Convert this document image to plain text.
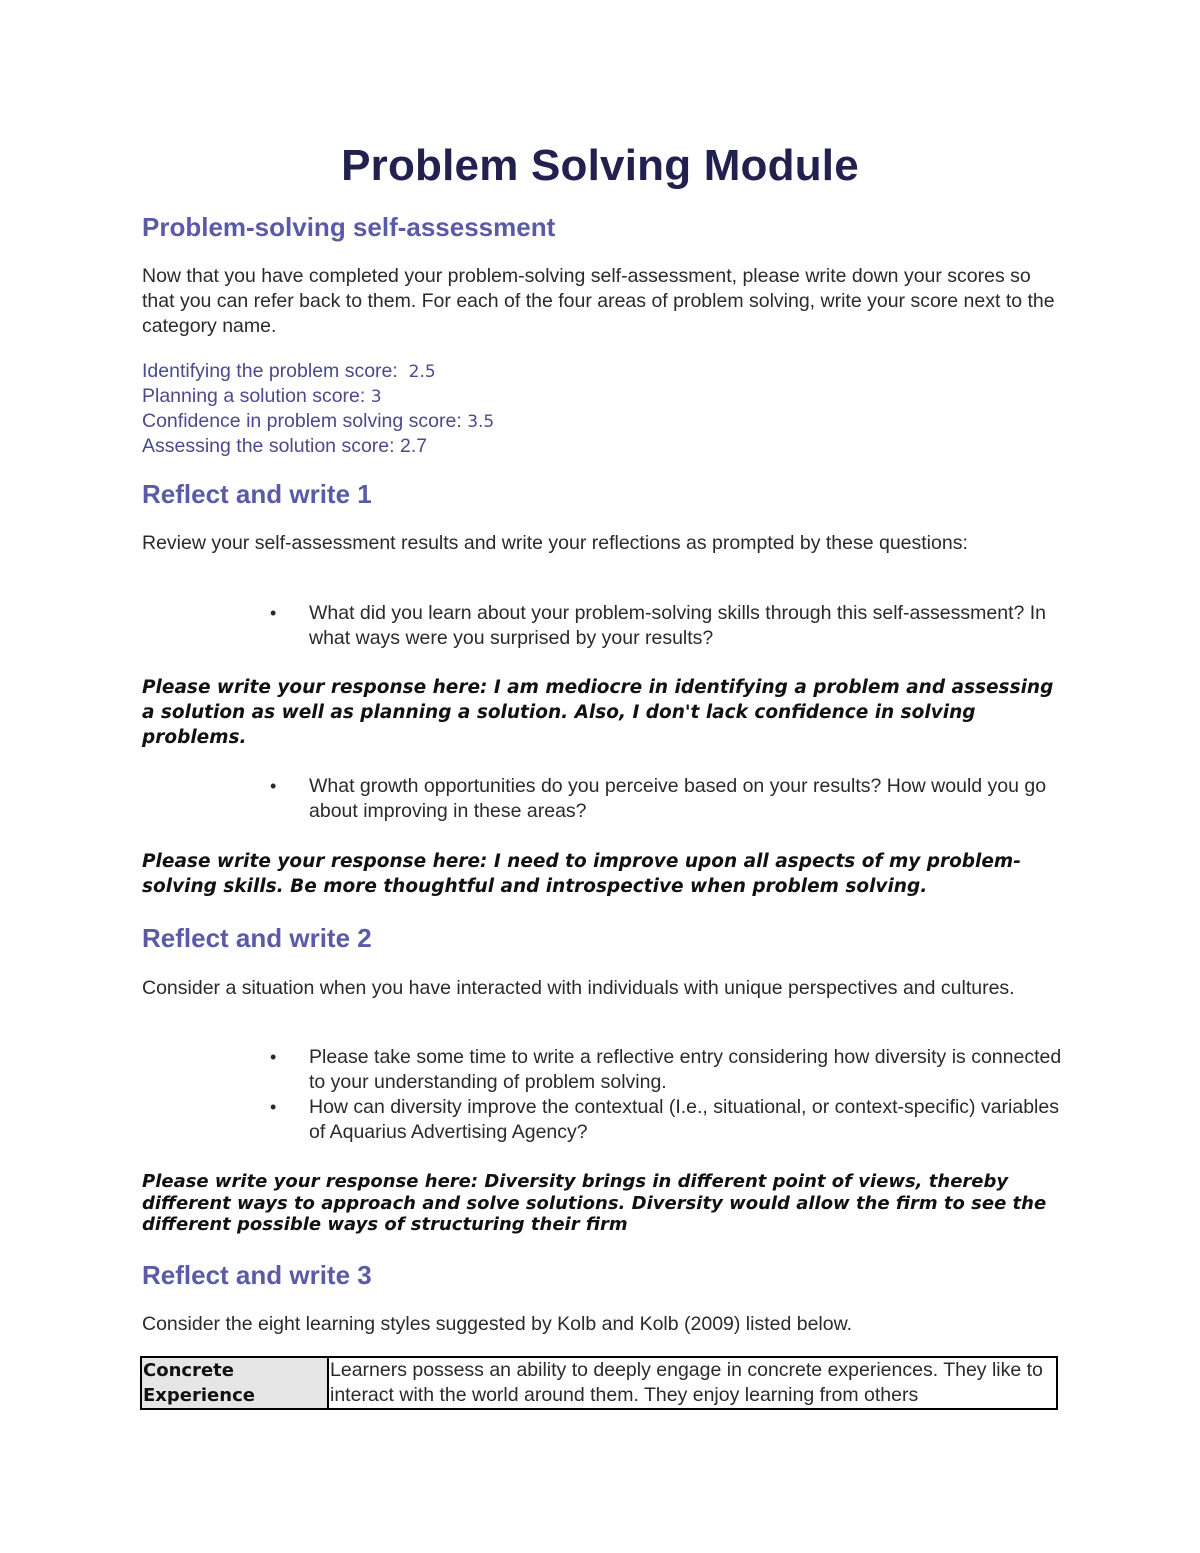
Problem Solving Module
Problem-solving self-assessment
Now that you have completed your problem-solving self-assessment, please write down your scores so that you can refer back to them. For each of the four areas of problem solving, write your score next to the category name.
Identifying the problem score: 2.5
Planning a solution score: 3
Confidence in problem solving score: 3.5
Assessing the solution score: 2.7
Reflect and write 1
Review your self-assessment results and write your reflections as prompted by these questions:
• What did you learn about your problem-solving skills through this self-assessment? In what ways were you surprised by your results?
Please write your response here: I am mediocre in identifying a problem and assessing a solution as well as planning a solution. Also, I don't lack confidence in solving problems.
• What growth opportunities do you perceive based on your results? How would you go about improving in these areas?
Please write your response here: I need to improve upon all aspects of my problem-solving skills. Be more thoughtful and introspective when problem solving.
Reflect and write 2
Consider a situation when you have interacted with individuals with unique perspectives and cultures.
• Please take some time to write a reflective entry considering how diversity is connected to your understanding of problem solving.
• How can diversity improve the contextual (I.e., situational, or context-specific) variables of Aquarius Advertising Agency?
Please write your response here: Diversity brings in different point of views, thereby different ways to approach and solve solutions. Diversity would allow the firm to see the different possible ways of structuring their firm
Reflect and write 3
Consider the eight learning styles suggested by Kolb and Kolb (2009) listed below.
Concrete Experience	Learners possess an ability to deeply engage in concrete experiences. They like to interact with the world around them. They enjoy learning from others
